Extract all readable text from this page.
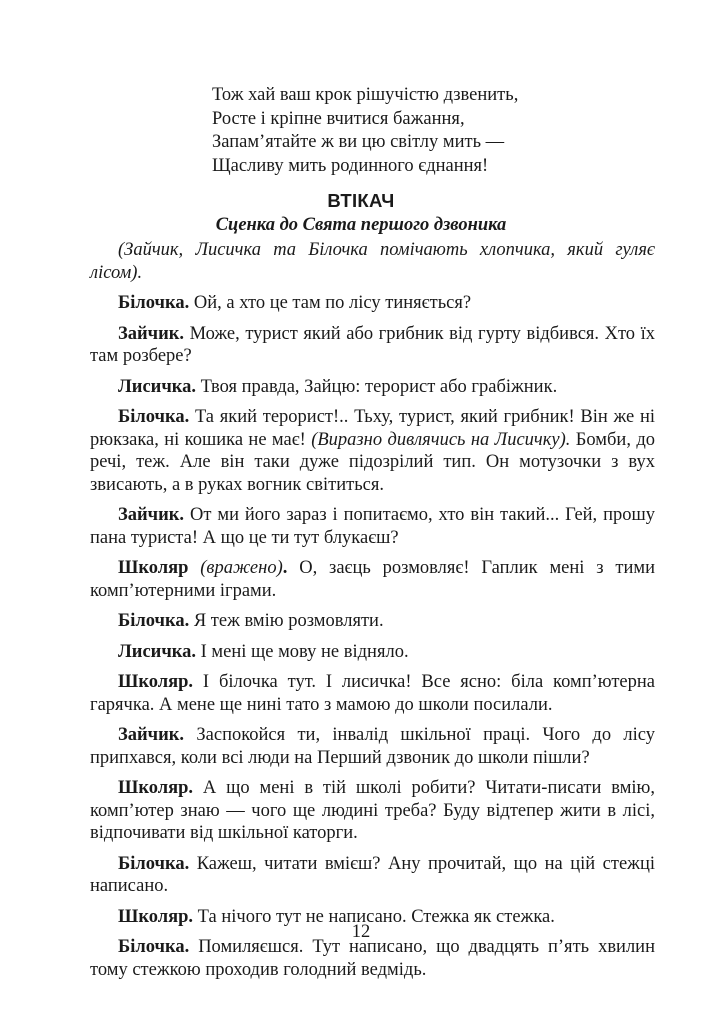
Тож хай ваш крок рішучістю дзвенить,
Росте і кріпне вчитися бажання,
Запам’ятайте ж ви цю світлу мить —
Щасливу мить родинного єднання!
ВТІКАЧ
Сценка до Свята першого дзвоника

(Зайчик, Лисичка та Білочка помічають хлопчика, який гуляє лісом).

Білочка. Ой, а хто це там по лісу тиняється?

Зайчик. Може, турист який або грибник від гурту відбився. Хто їх там розбере?

Лисичка. Твоя правда, Зайцю: терорист або грабіжник.

Білочка. Та який терорист!.. Тьху, турист, який грибник! Він же ні рюкзака, ні кошика не має! (Виразно дивлячись на Лисичку). Бомби, до речі, теж. Але він таки дуже підозрілий тип. Он мотузочки з вух звисають, а в руках вогник світиться.

Зайчик. От ми його зараз і попитаємо, хто він такий... Гей, прошу пана туриста! А що це ти тут блукаєш?

Школяр (вражено). О, заєць розмовляє! Гаплик мені з тими комп’ютерними іграми.

Білочка. Я теж вмію розмовляти.

Лисичка. І мені ще мову не відняло.

Школяр. І білочка тут. І лисичка! Все ясно: біла комп’ютерна гарячка. А мене ще нині тато з мамою до школи посилали.

Зайчик. Заспокойся ти, інвалід шкільної праці. Чого до лісу припхався, коли всі люди на Перший дзвоник до школи пішли?

Школяр. А що мені в тій школі робити? Читати-писати вмію, комп’ютер знаю — чого ще людині треба? Буду відтепер жити в лісі, відпочивати від шкільної каторги.

Білочка. Кажеш, читати вмієш? Ану прочитай, що на цій стежці написано.

Школяр. Та нічого тут не написано. Стежка як стежка.

Білочка. Помиляєшся. Тут написано, що двадцять п’ять хвилин тому стежкою проходив голодний ведмідь.

12
